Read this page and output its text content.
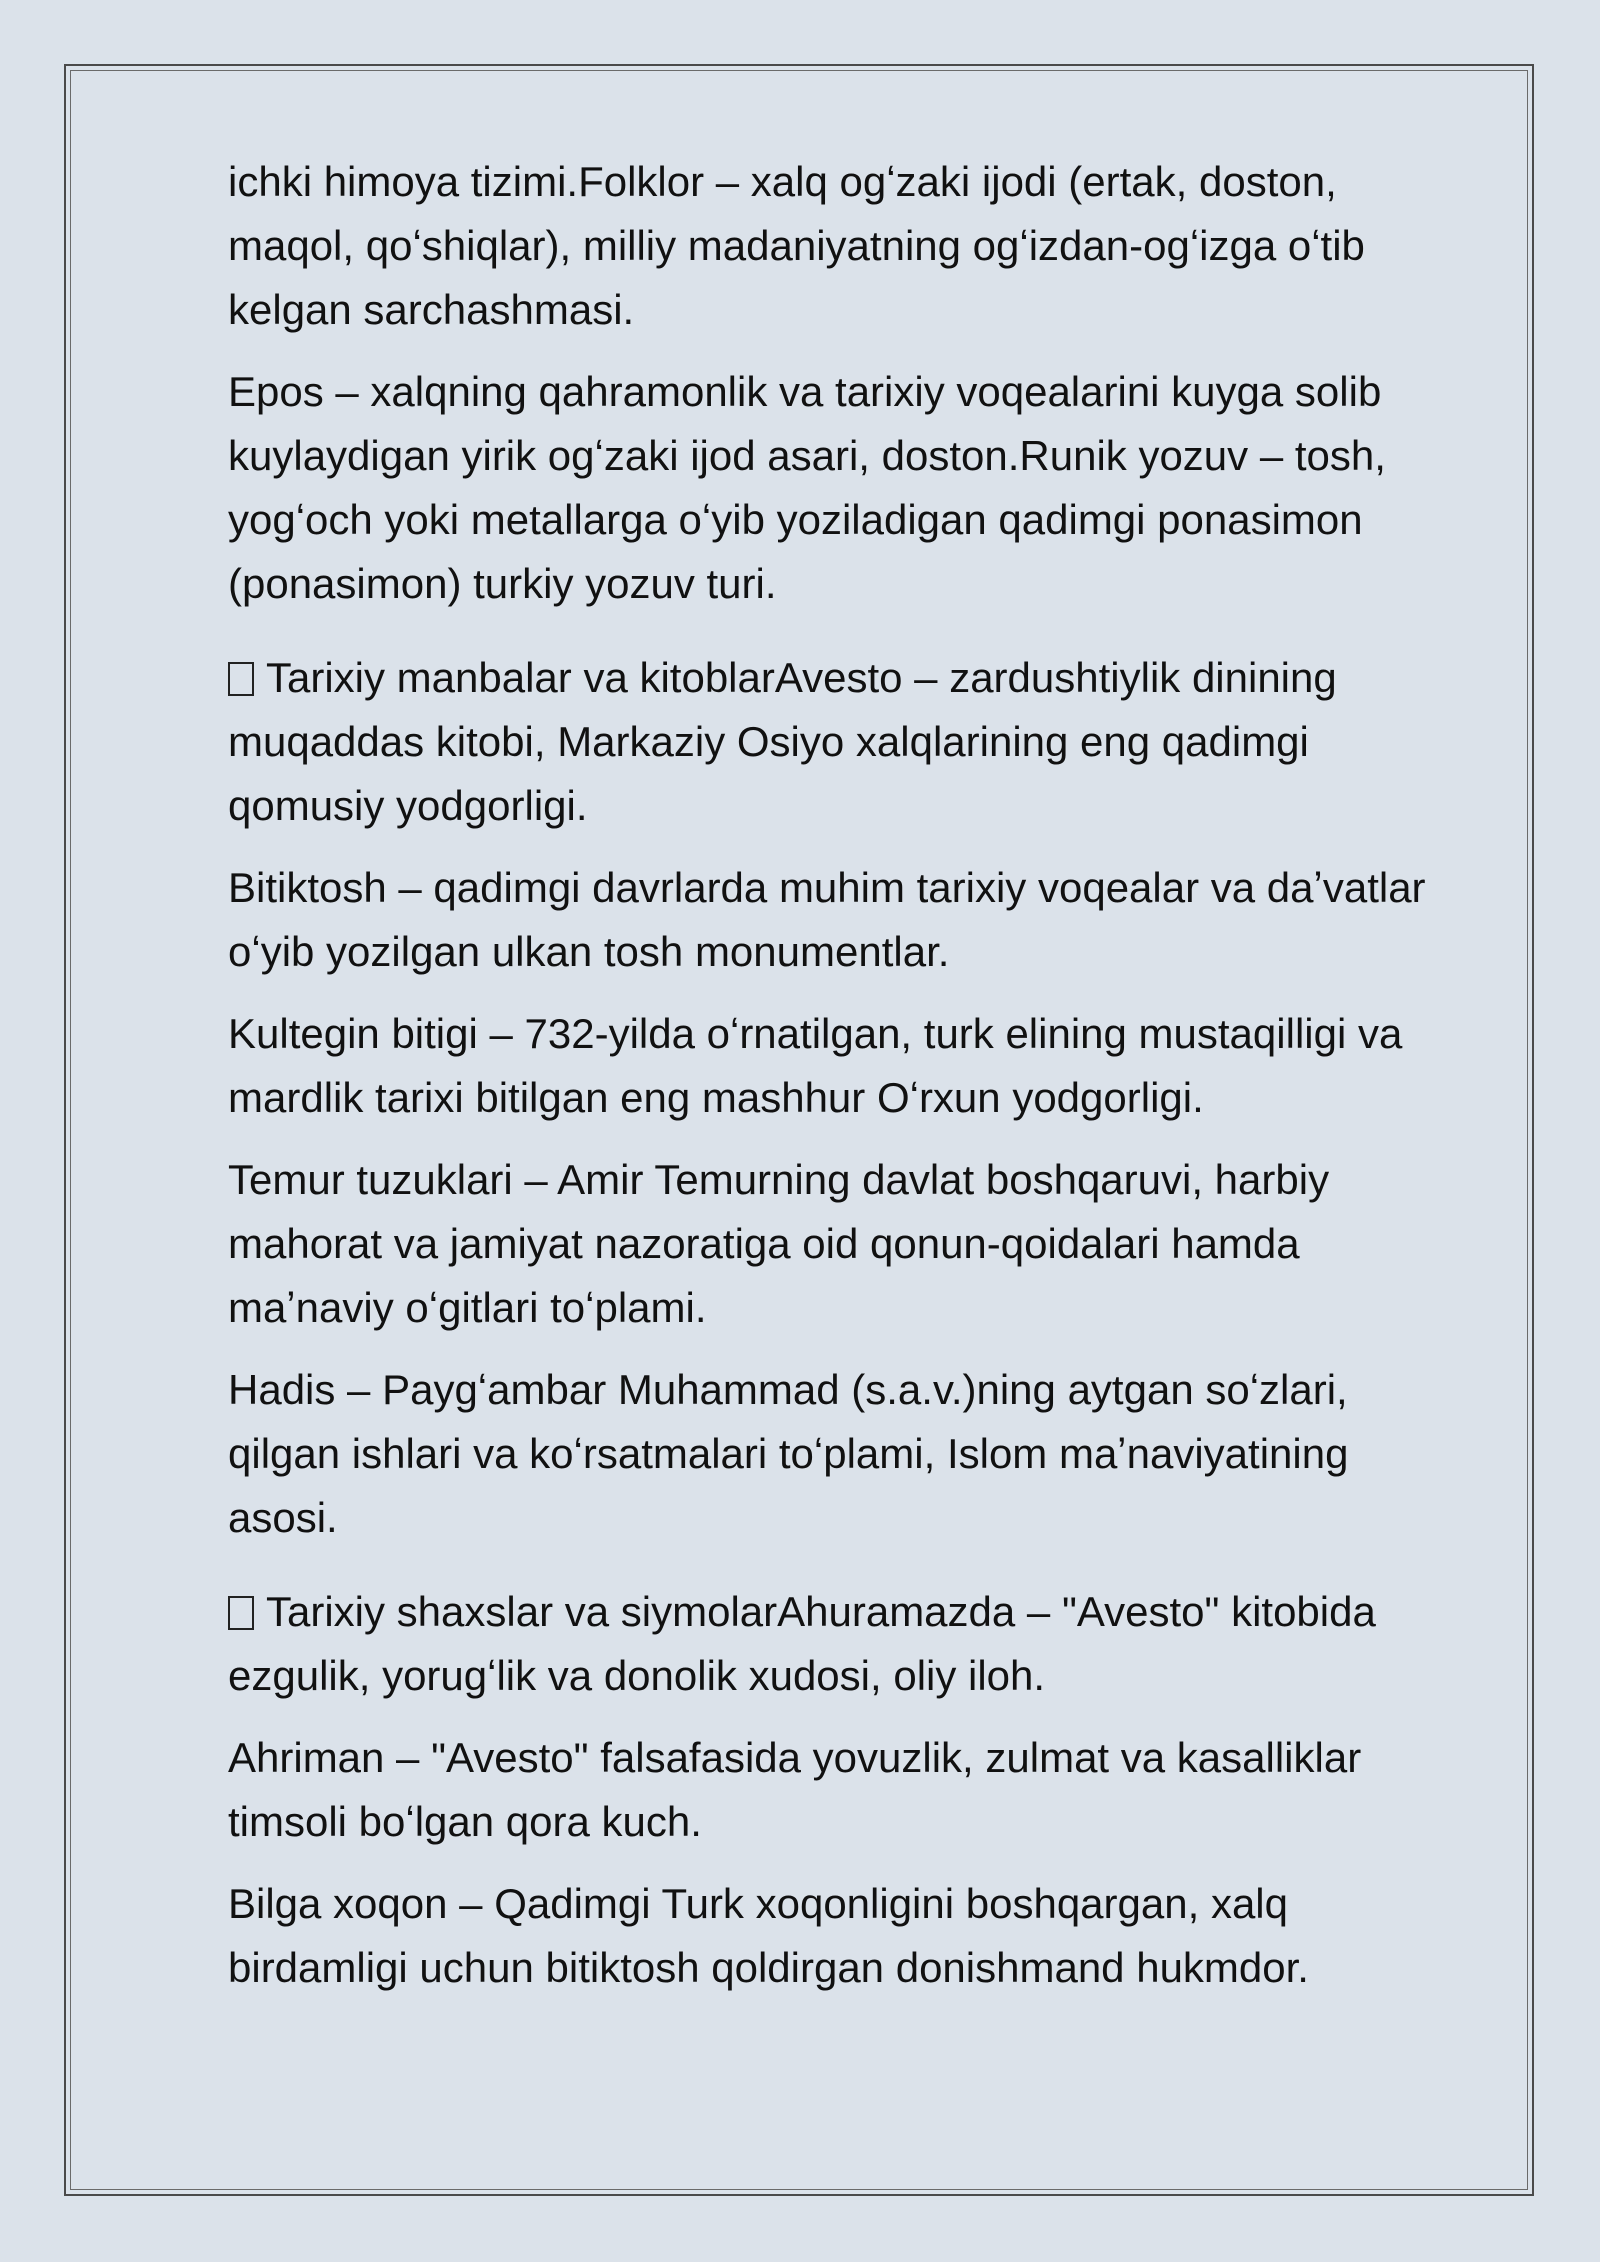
ichki himoya tizimi.Folklor – xalq ogʻzaki ijodi (ertak, doston, maqol, qoʻshiqlar), milliy madaniyatning ogʻizdan-ogʻizga oʻtib kelgan sarchashmasi.

Epos – xalqning qahramonlik va tarixiy voqealarini kuyga solib kuylaydigan yirik ogʻzaki ijod asari, doston.Runik yozuv – tosh, yogʻoch yoki metallarga oʻyib yoziladigan qadimgi ponasimon (ponasimon) turkiy yozuv turi.

Tarixiy manbalar va kitoblarAvesto – zardushtiylik dinining muqaddas kitobi, Markaziy Osiyo xalqlarining eng qadimgi qomusiy yodgorligi.

Bitiktosh – qadimgi davrlarda muhim tarixiy voqealar va daʼvatlar oʻyib yozilgan ulkan tosh monumentlar.

Kultegin bitigi – 732-yilda oʻrnatilgan, turk elining mustaqilligi va mardlik tarixi bitilgan eng mashhur Oʻrxun yodgorligi.

Temur tuzuklari – Amir Temurning davlat boshqaruvi, harbiy mahorat va jamiyat nazoratiga oid qonun-qoidalari hamda maʼnaviy oʻgitlari toʻplami.

Hadis – Paygʻambar Muhammad (s.a.v.)ning aytgan soʻzlari, qilgan ishlari va koʻrsatmalari toʻplami, Islom maʼnaviyatining asosi.

Tarixiy shaxslar va siymolarAhuramazda – "Avesto" kitobida ezgulik, yorugʻlik va donolik xudosi, oliy iloh.

Ahriman – "Avesto" falsafasida yovuzlik, zulmat va kasalliklar timsoli boʻlgan qora kuch.

Bilga xoqon – Qadimgi Turk xoqonligini boshqargan, xalq birdamligi uchun bitiktosh qoldirgan donishmand hukmdor.
